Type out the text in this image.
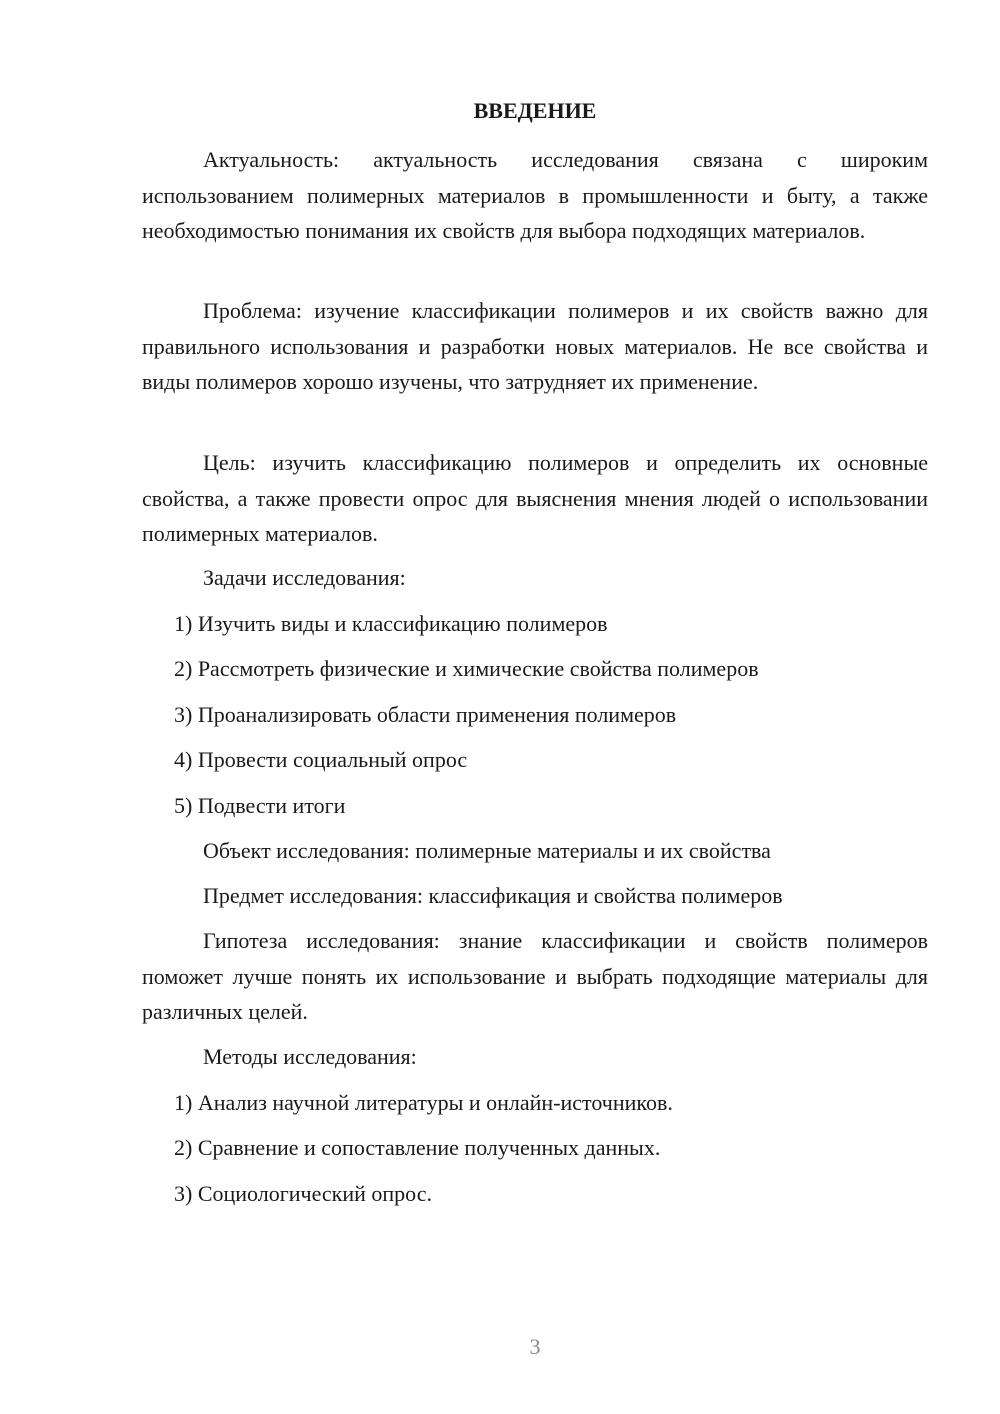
ВВЕДЕНИЕ

Актуальность: актуальность исследования связана с широким использованием полимерных материалов в промышленности и быту, а также необходимостью понимания их свойств для выбора подходящих материалов.

Проблема: изучение классификации полимеров и их свойств важно для правильного использования и разработки новых материалов. Не все свойства и виды полимеров хорошо изучены, что затрудняет их применение.

Цель: изучить классификацию полимеров и определить их основные свойства, а также провести опрос для выяснения мнения людей о использовании полимерных материалов.

Задачи исследования:

1) Изучить виды и классификацию полимеров

2) Рассмотреть физические и химические свойства полимеров

3) Проанализировать области применения полимеров

4) Провести социальный опрос

5) Подвести итоги

Объект исследования: полимерные материалы и их свойства

Предмет исследования: классификация и свойства полимеров

Гипотеза исследования: знание классификации и свойств полимеров поможет лучше понять их использование и выбрать подходящие материалы для различных целей.

Методы исследования:

1) Анализ научной литературы и онлайн-источников.

2) Сравнение и сопоставление полученных данных.

3) Социологический опрос.

3
